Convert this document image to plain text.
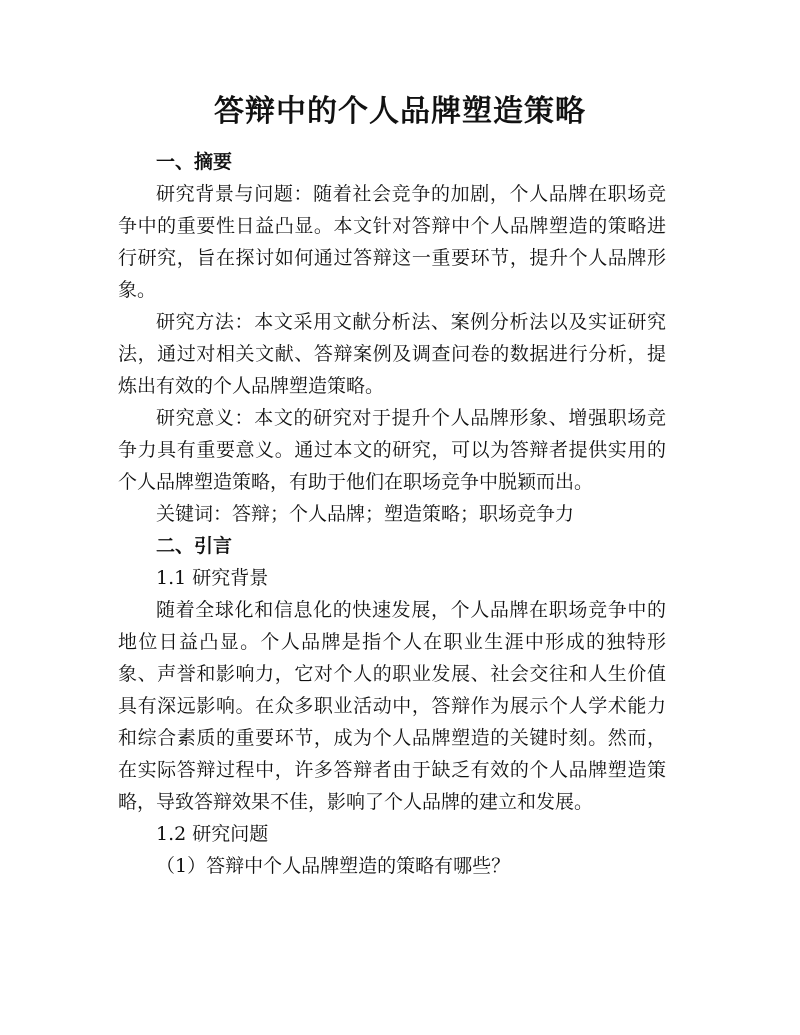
答辩中的个人品牌塑造策略

一、摘要

研究背景与问题：随着社会竞争的加剧，个人品牌在职场竞争中的重要性日益凸显。本文针对答辩中个人品牌塑造的策略进行研究，旨在探讨如何通过答辩这一重要环节，提升个人品牌形象。

研究方法：本文采用文献分析法、案例分析法以及实证研究法，通过对相关文献、答辩案例及调查问卷的数据进行分析，提炼出有效的个人品牌塑造策略。

研究意义：本文的研究对于提升个人品牌形象、增强职场竞争力具有重要意义。通过本文的研究，可以为答辩者提供实用的个人品牌塑造策略，有助于他们在职场竞争中脱颖而出。

关键词：答辩；个人品牌；塑造策略；职场竞争力

二、引言

1.1 研究背景

随着全球化和信息化的快速发展，个人品牌在职场竞争中的地位日益凸显。个人品牌是指个人在职业生涯中形成的独特形象、声誉和影响力，它对个人的职业发展、社会交往和人生价值具有深远影响。在众多职业活动中，答辩作为展示个人学术能力和综合素质的重要环节，成为个人品牌塑造的关键时刻。然而，在实际答辩过程中，许多答辩者由于缺乏有效的个人品牌塑造策略，导致答辩效果不佳，影响了个人品牌的建立和发展。

1.2 研究问题

（1）答辩中个人品牌塑造的策略有哪些？
